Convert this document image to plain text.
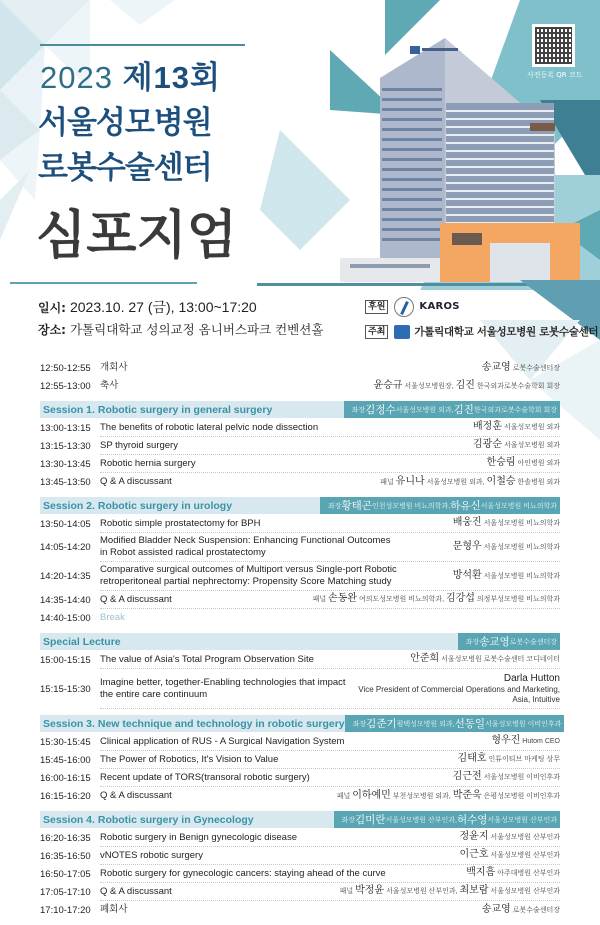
사전등록 QR 코드
2023 제13회
서울성모병원
로봇수술센터
심포지엄
일시: 2023.10. 27 (금), 13:00~17:20
장소: 가톨릭대학교 성의교정 옴니버스파크 컨벤션홀
후원	KAROS
주최	가톨릭대학교 서울성모병원 로봇수술센터
12:50-12:55 개회사	송교영 로봇수술센터장
12:55-13:00 축사	윤승규 서울성모병원장, 김진 한국외과로봇수술학회 회장
Session 1. Robotic surgery in general surgery	좌장 김정수 서울성모병원 외과, 김진 한국외과로봇수술학회 회장
13:00-13:15 The benefits of robotic lateral pelvic node dissection	배정훈 서울성모병원 외과
13:15-13:30 SP thyroid surgery	김광순 서울성모병원 외과
13:30-13:45 Robotic hernia surgery	한승림 아인병원 외과
13:45-13:50 Q & A discussant	패널 유니나 서울성모병원 외과, 이철승 한솔병원 외과
Session 2. Robotic surgery in urology	좌장 황태곤 인천성모병원 비뇨의학과, 하유신 서울성모병원 비뇨의학과
13:50-14:05 Robotic simple prostatectomy for BPH	배웅진 서울성모병원 비뇨의학과
14:05-14:20
Modified Bladder Neck Suspension: Enhancing Functional Outcomes in Robot assisted radical prostatectomy
문형우 서울성모병원 비뇨의학과
14:20-14:35
Comparative surgical outcomes of Multiport versus Single-port Robotic retroperitoneal partial nephrectomy: Propensity Score Matching study
방석환 서울성모병원 비뇨의학과
14:35-14:40 Q & A discussant	패널 손동완 여의도성모병원 비뇨의학과, 김강섭 의정부성모병원 비뇨의학과
14:40-15:00 Break
Special Lecture	좌장 송교영 로봇수술센터장
15:00-15:15 The value of Asia's Total Program Observation Site	안준희 서울성모병원 로봇수술센터 코디네이터
15:15-15:30
Imagine better, together-Enabling technologies that impact the entire care continuum
Darla Hutton
Vice President of Commercial Operations and Marketing,
Asia, Intuitive
Session 3. New technique and technology in robotic surgery 좌장 김준기 평택성모병원 외과, 선동일 서울성모병원 이비인후과
15:30-15:45 Clinical application of RUS - A Surgical Navigation System	형우진 Hutom CEO
15:45-16:00 The Power of Robotics, It's Vision to Value	김태호 인튜이티브 마케팅 상무
16:00-16:15 Recent update of TORS(transoral robotic surgery)	김근전 서울성모병원 이비인후과
16:15-16:20 Q & A discussant	패널 이하예민 부천성모병원 외과, 박준욱 은평성모병원 이비인후과
Session 4. Robotic surgery in Gynecology	좌장 김미란 서울성모병원 산부인과, 허수영 서울성모병원 산부인과
16:20-16:35 Robotic surgery in Benign gynecologic disease	정윤지 서울성모병원 산부인과
16:35-16:50 vNOTES robotic surgery	이근호 서울성모병원 산부인과
16:50-17:05 Robotic surgery for gynecologic cancers: staying ahead of the curve	백지흠 아주대병원 산부인과
17:05-17:10 Q & A discussant	패널 박정윤 서울성모병원 산부인과, 최보람 서울성모병원 산부인과
17:10-17:20 폐회사	송교영 로봇수술센터장
